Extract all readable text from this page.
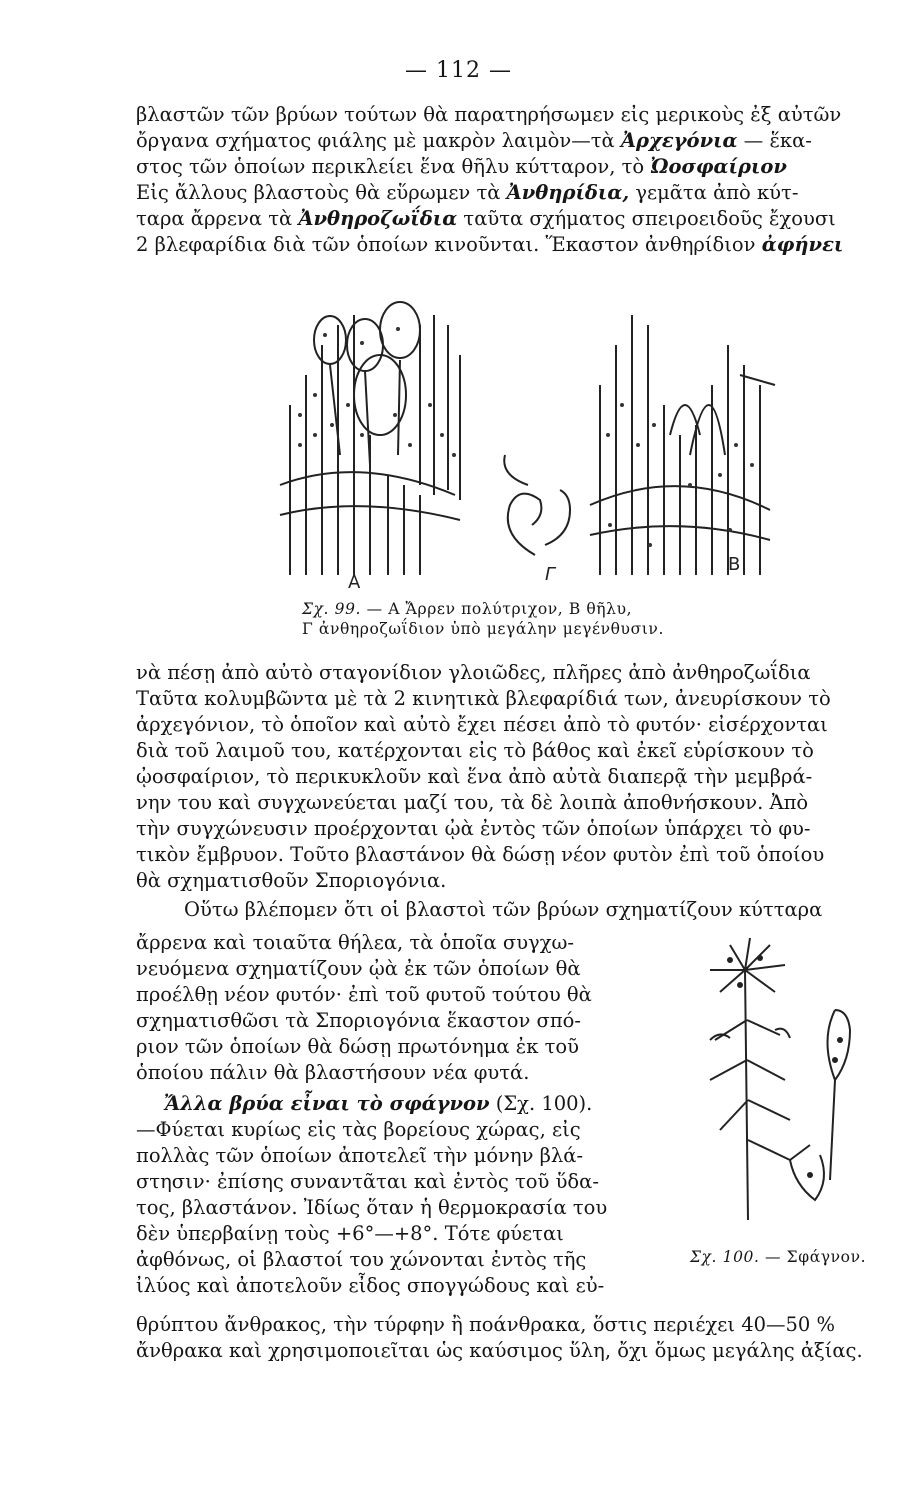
— 112 —
βλαστῶν τῶν βρύων τούτων θὰ παρατηρήσωμεν εἰς μερικοὺς ἐξ αὐτῶν
ὄργανα σχήματος φιάλης μὲ μακρὸν λαιμὸν—τὰ Ἀρχεγόνια — ἕκα-
στος τῶν ὁποίων περικλείει ἕνα θῆλυ κύτταρον, τὸ Ὠοσφαίριον
Εἰς ἄλλους βλαστοὺς θὰ εὕρωμεν τὰ Ἀνθηρίδια, γεμᾶτα ἀπὸ κύτ-
ταρα ἄρρενα τὰ Ἀνθηροζωΐδια ταῦτα σχήματος σπειροειδοῦς ἔχουσι
2 βλεφαρίδια διὰ τῶν ὁποίων κινοῦνται. Ἕκαστον ἀνθηρίδιον ἀφήνει
Α
Β
Γ
Σχ. 99. — Α Ἄρρεν πολύτριχον, Β θῆλυ,
Γ ἀνθηροζωΐδιον ὑπὸ μεγάλην μεγένθυσιν.
νὰ πέσῃ ἀπὸ αὐτὸ σταγονίδιον γλοιῶδες, πλῆρες ἀπὸ ἀνθηροζωΐδια
Ταῦτα κολυμβῶντα μὲ τὰ 2 κινητικὰ βλεφαρίδιά των, ἀνευρίσκουν τὸ
ἀρχεγόνιον, τὸ ὁποῖον καὶ αὐτὸ ἔχει πέσει ἀπὸ τὸ φυτόν· εἰσέρχονται
διὰ τοῦ λαιμοῦ του, κατέρχονται εἰς τὸ βάθος καὶ ἐκεῖ εὑρίσκουν τὸ
ᾠοσφαίριον, τὸ περικυκλοῦν καὶ ἕνα ἀπὸ αὐτὰ διαπερᾷ τὴν μεμβρά-
νην του καὶ συγχωνεύεται μαζί του, τὰ δὲ λοιπὰ ἀποθνήσκουν. Ἀπὸ
τὴν συγχώνευσιν προέρχονται ᾠὰ ἐντὸς τῶν ὁποίων ὑπάρχει τὸ φυ-
τικὸν ἔμβρυον. Τοῦτο βλαστάνον θὰ δώσῃ νέον φυτὸν ἐπὶ τοῦ ὁποίου
θὰ σχηματισθοῦν Σποριογόνια.
Οὕτω βλέπομεν ὅτι οἱ βλαστοὶ τῶν βρύων σχηματίζουν κύτταρα
ἄρρενα καὶ τοιαῦτα θήλεα, τὰ ὁποῖα συγχω-
νευόμενα σχηματίζουν ᾠὰ ἐκ τῶν ὁποίων θὰ
προέλθῃ νέον φυτόν· ἐπὶ τοῦ φυτοῦ τούτου θὰ
σχηματισθῶσι τὰ Σποριογόνια ἕκαστον σπό-
ριον τῶν ὁποίων θὰ δώσῃ πρωτόνημα ἐκ τοῦ
ὁποίου πάλιν θὰ βλαστήσουν νέα φυτά.
Ἄλλα βρύα εἶναι τὸ σφάγνον (Σχ. 100).
—Φύεται κυρίως εἰς τὰς βορείους χώρας, εἰς
πολλὰς τῶν ὁποίων ἀποτελεῖ τὴν μόνην βλά-
στησιν· ἐπίσης συναντᾶται καὶ ἐντὸς τοῦ ὕδα-
τος, βλαστάνον. Ἰδίως ὅταν ἡ θερμοκρασία του
δὲν ὑπερβαίνῃ τοὺς +6°—+8°. Τότε φύεται
ἀφθόνως, οἱ βλαστοί του χώνονται ἐντὸς τῆς
ἰλύος καὶ ἀποτελοῦν εἶδος σπογγώδους καὶ εὐ-
Σχ. 100. — Σφάγνον.
θρύπτου ἄνθρακος, τὴν τύρφην ἢ ποάνθρακα, ὅστις περιέχει 40—50 %
ἄνθρακα καὶ χρησιμοποιεῖται ὡς καύσιμος ὕλη, ὄχι ὅμως μεγάλης ἀξίας.
